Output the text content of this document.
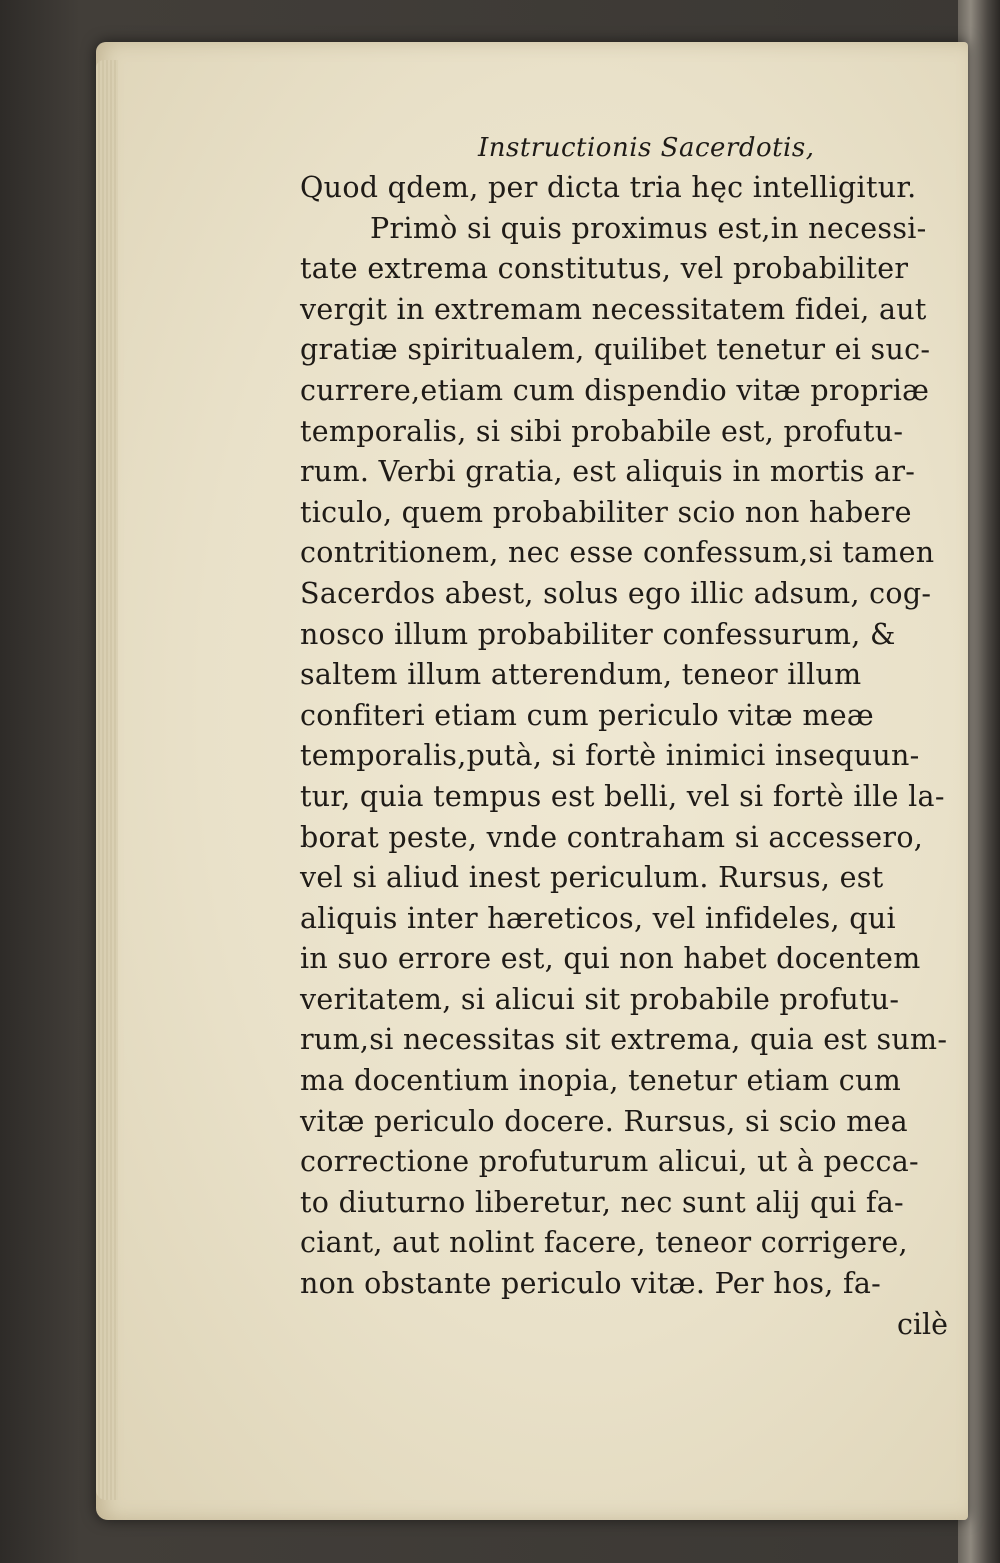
Instructionis Sacerdotis,
Quod qdem, per dicta tria hęc intelligitur.
Primò si quis proximus est,in necessi-
tate extrema constitutus, vel probabiliter
vergit in extremam necessitatem fidei, aut
gratiæ spiritualem, quilibet tenetur ei suc-
currere,etiam cum dispendio vitæ propriæ
temporalis, si sibi probabile est, profutu-
rum. Verbi gratia, est aliquis in mortis ar-
ticulo, quem probabiliter scio non habere
contritionem, nec esse confessum,si tamen
Sacerdos abest, solus ego illic adsum, cog-
nosco illum probabiliter confessurum, &
saltem illum atterendum, teneor illum
confiteri etiam cum periculo vitæ meæ
temporalis,putà, si fortè inimici insequun-
tur, quia tempus est belli, vel si fortè ille la-
borat peste, vnde contraham si accessero,
vel si aliud inest periculum. Rursus, est
aliquis inter hæreticos, vel infideles, qui
in suo errore est, qui non habet docentem
veritatem, si alicui sit probabile profutu-
rum,si necessitas sit extrema, quia est sum-
ma docentium inopia, tenetur etiam cum
vitæ periculo docere. Rursus, si scio mea
correctione profuturum alicui, ut à pecca-
to diuturno liberetur, nec sunt alij qui fa-
ciant, aut nolint facere, teneor corrigere,
non obstante periculo vitæ. Per hos, fa-
cilè
